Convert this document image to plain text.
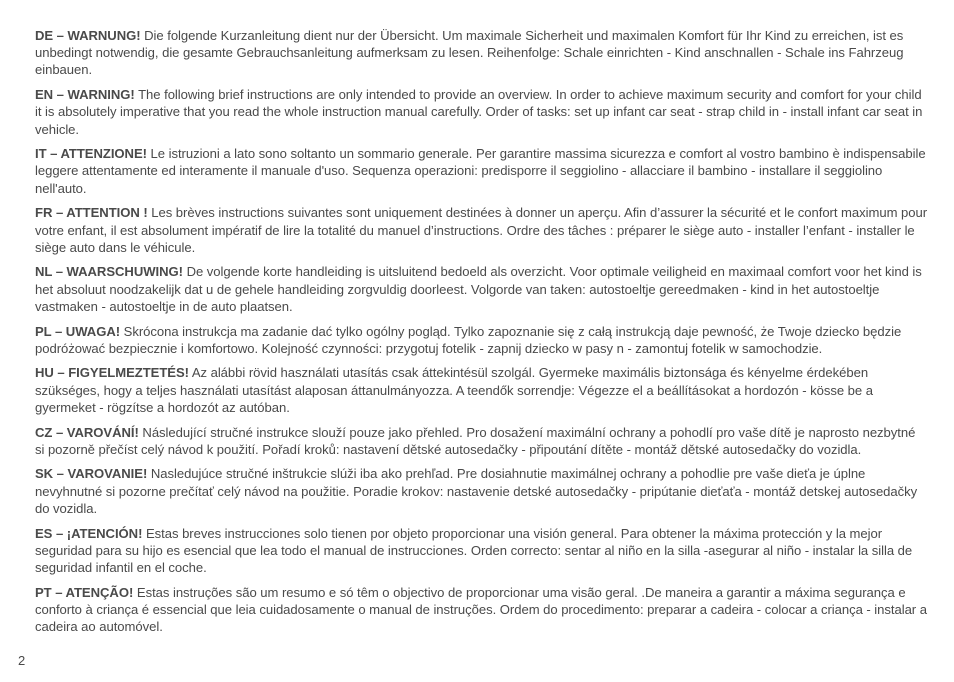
DE – WARNUNG! Die folgende Kurzanleitung dient nur der Übersicht. Um maximale Sicherheit und maximalen Komfort für Ihr Kind zu erreichen, ist es unbedingt notwendig, die gesamte Gebrauchsanleitung aufmerksam zu lesen. Reihenfolge: Schale einrichten - Kind anschnallen - Schale ins Fahrzeug einbauen.

EN – WARNING! The following brief instructions are only intended to provide an overview. In order to achieve maximum security and comfort for your child it is absolutely imperative that you read the whole instruction manual carefully. Order of tasks: set up infant car seat - strap child in - install infant car seat in vehicle.

IT – ATTENZIONE! Le istruzioni a lato sono soltanto un sommario generale. Per garantire massima sicurezza e comfort al vostro bambino è indispensabile leggere attentamente ed interamente il manuale d'uso. Sequenza operazioni: predisporre il seggiolino - allacciare il bambino - installare il seggiolino nell'auto.

FR – ATTENTION ! Les brèves instructions suivantes sont uniquement destinées à donner un aperçu. Afin d’assurer la sécurité et le confort maximum pour votre enfant, il est absolument impératif de lire la totalité du manuel d’instructions. Ordre des tâches : préparer le siège auto - installer l’enfant - installer le siège auto dans le véhicule.

NL – WAARSCHUWING! De volgende korte handleiding is uitsluitend bedoeld als overzicht. Voor optimale veiligheid en maximaal comfort voor het kind is het absoluut noodzakelijk dat u de gehele handleiding zorgvuldig doorleest. Volgorde van taken: autostoeltje gereedmaken - kind in het autostoeltje vastmaken - autostoeltje in de auto plaatsen.

PL – UWAGA! Skrócona instrukcja ma zadanie dać tylko ogólny pogląd. Tylko zapoznanie się z całą instrukcją daje pewność, że Twoje dziecko będzie podróżować bezpiecznie i komfortowo. Kolejność czynności: przygotuj fotelik - zapnij dziecko w pasy n - zamontuj fotelik w samochodzie.

HU – FIGYELMEZTETÉS! Az alábbi rövid használati utasítás csak áttekintésül szolgál. Gyermeke maximális biztonsága és kényelme érdekében szükséges, hogy a teljes használati utasítást alaposan áttanulmányozza. A teendők sorrendje: Végezze el a beállításokat a hordozón - kösse be a gyermeket - rögzítse a hordozót az autóban.

CZ – VAROVÁNÍ! Následující stručné instrukce slouží pouze jako přehled. Pro dosažení maximální ochrany a pohodlí pro vaše dítě je naprosto nezbytné si pozorně přečíst celý návod k použití. Pořadí kroků: nastavení dětské autosedačky - připoutání dítěte - montáž dětské autosedačky do vozidla.

SK – VAROVANIE! Nasledujúce stručné inštrukcie slúži iba ako prehľad. Pre dosiahnutie maximálnej ochrany a pohodlie pre vaše dieťa je úplne nevyhnutné si pozorne prečítať celý návod na použitie. Poradie krokov: nastavenie detské autosedačky - pripútanie dieťaťa - montáž detskej autosedačky do vozidla.

ES – ¡ATENCIÓN! Estas breves instrucciones solo tienen por objeto proporcionar una visión general. Para obtener la máxima protección y la mejor seguridad para su hijo es esencial que lea todo el manual de instrucciones. Orden correcto: sentar al niño en la silla -asegurar al niño - instalar la silla de seguridad infantil en el coche.

PT – ATENÇÃO! Estas instruções são um resumo e só têm o objectivo de proporcionar uma visão geral. .De maneira a garantir a máxima segurança e conforto à criança é essencial que leia cuidadosamente o manual de instruções. Ordem do procedimento: preparar a cadeira - colocar a criança - instalar a cadeira ao automóvel.

2
